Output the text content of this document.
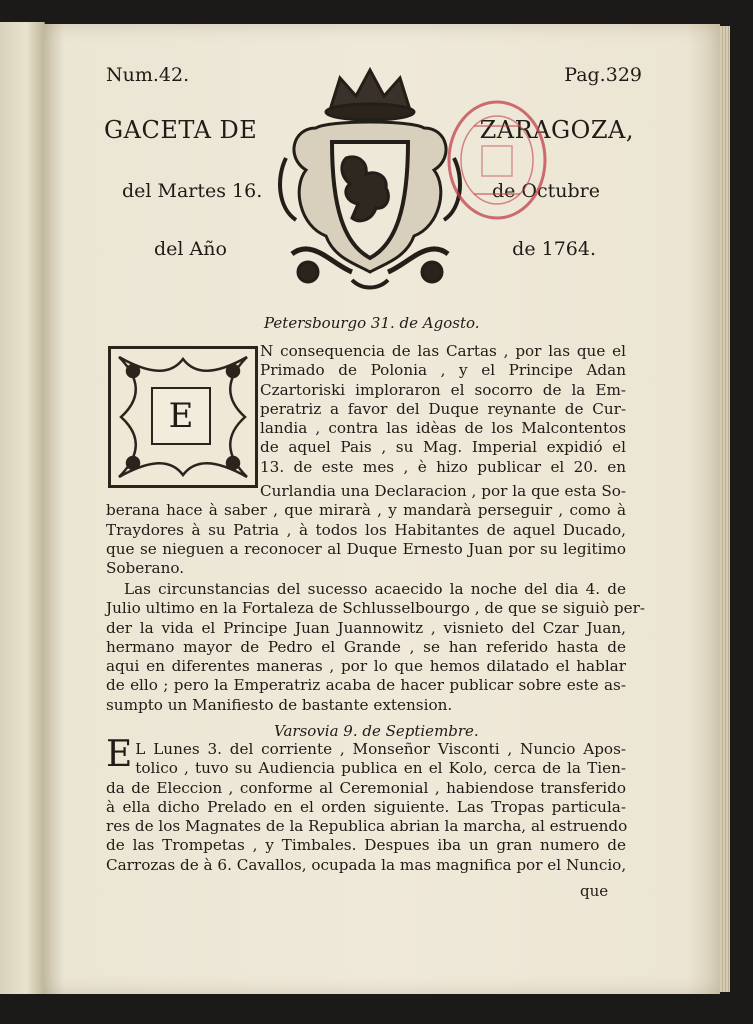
Num.42.	Pag.329
GACETA DE	ZARAGOZA,
del Martes 16.	de Octubre
del Año	de 1764.
Petersbourgo 31. de Agosto.
E
N consequencia de las Cartas , por las que el
Primado de Polonia , y el Principe Adan
Czartoriski imploraron el socorro de la Em-
peratriz a favor del Duque reynante de Cur-
landia , contra las idèas de los Malcontentos
de aquel Pais , su Mag. Imperial expidió el
13. de este mes , è hizo publicar el 20. en
Curlandia una Declaracion , por la que esta So-
berana hace à saber , que mirarà , y mandarà perseguir , como à
Traydores à su Patria , à todos los Habitantes de aquel Ducado,
que se nieguen a reconocer al Duque Ernesto Juan por su legitimo
Soberano.
Las circunstancias del sucesso acaecido la noche del dia 4. de
Julio ultimo en la Fortaleza de Schlusselbourgo , de que se siguiò per-
der la vida el Principe Juan Juannowitz , visnieto del Czar Juan,
hermano mayor de Pedro el Grande , se han referido hasta de
aqui en diferentes maneras , por lo que hemos dilatado el hablar
de ello ; pero la Emperatriz acaba de hacer publicar sobre este as-
sumpto un Manifiesto de bastante extension.
Varsovia 9. de Septiembre.
E L Lunes 3. del corriente , Monseñor Visconti , Nuncio Apos-
tolico , tuvo su Audiencia publica en el Kolo, cerca de la Tien-
da de Eleccion , conforme al Ceremonial , habiendose transferido
à ella dicho Prelado en el orden siguiente. Las Tropas particula-
res de los Magnates de la Republica abrian la marcha, al estruendo
de las Trompetas , y Timbales. Despues iba un gran numero de
Carrozas de à 6. Cavallos, ocupada la mas magnifica por el Nuncio,
que
